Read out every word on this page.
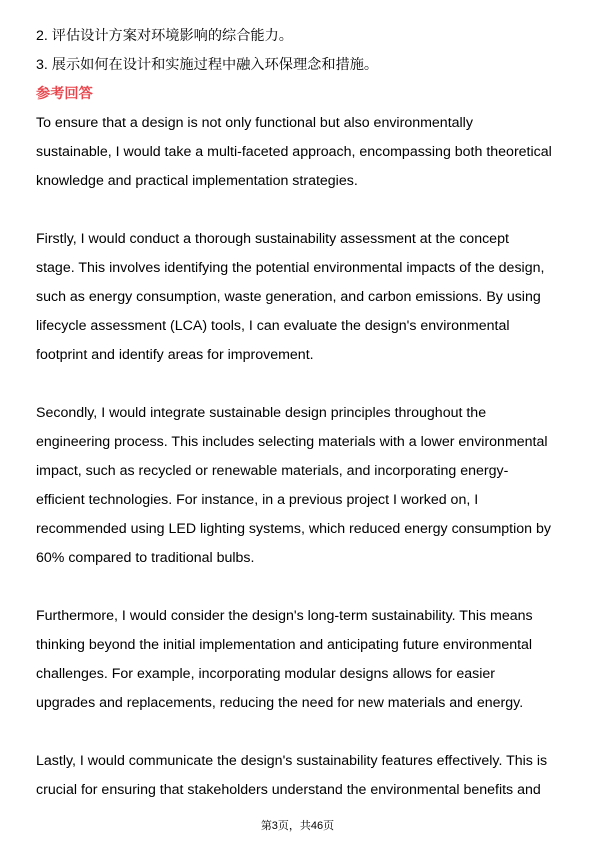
2. 评估设计方案对环境影响的综合能力。
3. 展示如何在设计和实施过程中融入环保理念和措施。
参考回答
To ensure that a design is not only functional but also environmentally
sustainable, I would take a multi-faceted approach, encompassing both theoretical
knowledge and practical implementation strategies.
Firstly, I would conduct a thorough sustainability assessment at the concept
stage. This involves identifying the potential environmental impacts of the design,
such as energy consumption, waste generation, and carbon emissions. By using
lifecycle assessment (LCA) tools, I can evaluate the design's environmental
footprint and identify areas for improvement.
Secondly, I would integrate sustainable design principles throughout the
engineering process. This includes selecting materials with a lower environmental
impact, such as recycled or renewable materials, and incorporating energy-
efficient technologies. For instance, in a previous project I worked on, I
recommended using LED lighting systems, which reduced energy consumption by
60% compared to traditional bulbs.
Furthermore, I would consider the design's long-term sustainability. This means
thinking beyond the initial implementation and anticipating future environmental
challenges. For example, incorporating modular designs allows for easier
upgrades and replacements, reducing the need for new materials and energy.
Lastly, I would communicate the design's sustainability features effectively. This is
crucial for ensuring that stakeholders understand the environmental benefits and
第3页，共46页
